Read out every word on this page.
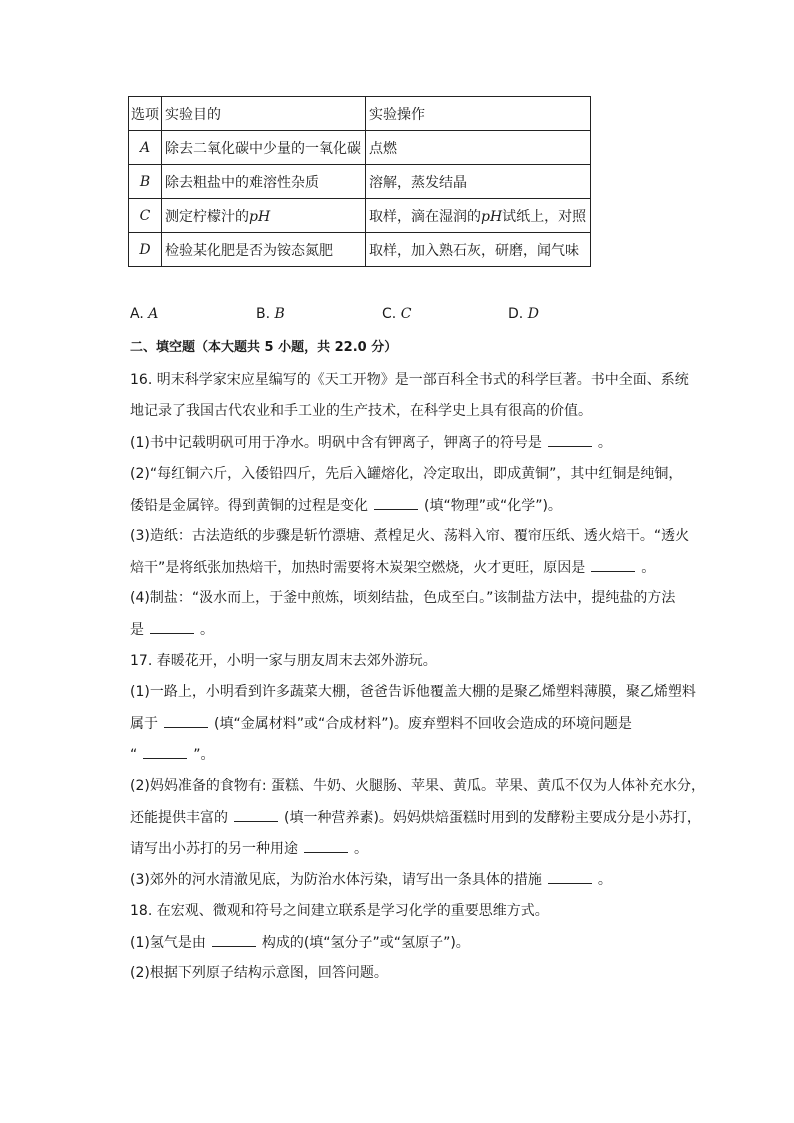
选项	实验目的	实验操作
A	除去二氧化碳中少量的一氧化碳	点燃
B	除去粗盐中的难溶性杂质	溶解，蒸发结晶
C	测定柠檬汁的pH	取样，滴在湿润的pH试纸上，对照
D	检验某化肥是否为铵态氮肥	取样，加入熟石灰，研磨，闻气味
A. A	B. B	C. C	D. D
二、填空题（本大题共 5 小题，共 22.0 分）
16. 明末科学家宋应星编写的《天工开物》是一部百科全书式的科学巨著。书中全面、系统
地记录了我国古代农业和手工业的生产技术，在科学史上具有很高的价值。
(1)书中记载明矾可用于净水。明矾中含有钾离子，钾离子的符号是	。
(2)“每红铜六斤，入倭铅四斤，先后入罐熔化，冷定取出，即成黄铜”，其中红铜是纯铜，
倭铅是金属锌。得到黄铜的过程是变化	(填“物理”或“化学”)。
(3)造纸：古法造纸的步骤是斩竹漂塘、煮楻足火、荡料入帘、覆帘压纸、透火焙干。“透火
焙干”是将纸张加热焙干，加热时需要将木炭架空燃烧，火才更旺，原因是	。
(4)制盐：“汲水而上，于釜中煎炼，顷刻结盐，色成至白。”该制盐方法中，提纯盐的方法
是	。
17. 春暖花开，小明一家与朋友周末去郊外游玩。
(1)一路上，小明看到许多蔬菜大棚，爸爸告诉他覆盖大棚的是聚乙烯塑料薄膜，聚乙烯塑料
属于	(填“金属材料”或“合成材料”)。废弃塑料不回收会造成的环境问题是
“	”。
(2)妈妈准备的食物有: 蛋糕、牛奶、火腿肠、苹果、黄瓜。苹果、黄瓜不仅为人体补充水分，
还能提供丰富的	(填一种营养素)。妈妈烘焙蛋糕时用到的发酵粉主要成分是小苏打，
请写出小苏打的另一种用途	。
(3)郊外的河水清澈见底，为防治水体污染，请写出一条具体的措施	。
18. 在宏观、微观和符号之间建立联系是学习化学的重要思维方式。
(1)氢气是由	构成的(填“氢分子”或“氢原子”)。
(2)根据下列原子结构示意图，回答问题。
